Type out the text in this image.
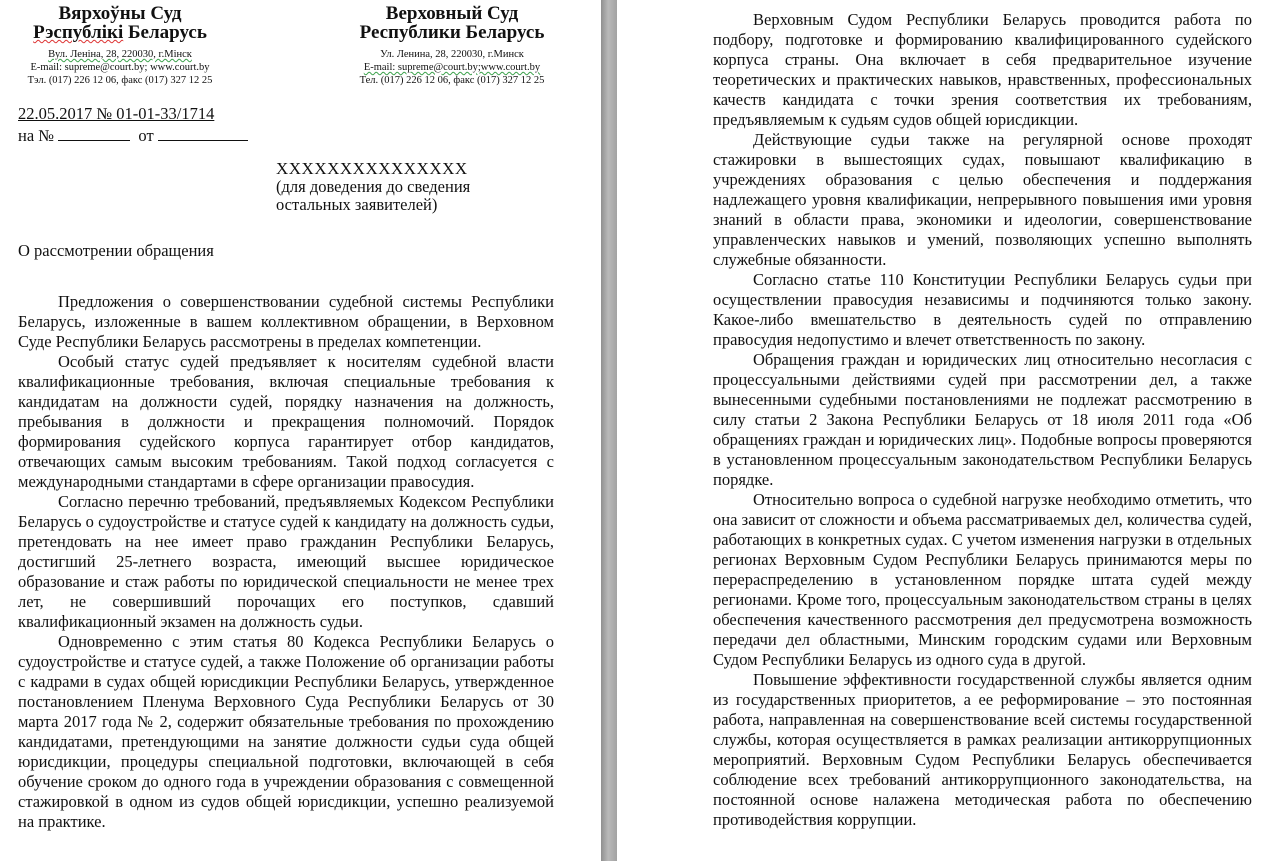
Вярхоўны Суд
Рэспублікі Беларусь
Вул. Леніна, 28, 220030, г.Мінск
E-mail: supreme@court.by; www.court.by
Тэл. (017) 226 12 06, факс (017) 327 12 25
Верховный Суд
Республики Беларусь
Ул. Ленина, 28, 220030, г.Минск
E-mail: supreme@court.by;www.court.by
Тел. (017) 226 12 06, факс (017) 327 12 25
22.05.2017 № 01-01-33/1714
на №	от
XXXXXXXXXXXXXXX
(для доведения до сведения
остальных заявителей)
О рассмотрении обращения

Предложения о совершенствовании судебной системы Республики Беларусь, изложенные в вашем коллективном обращении, в Верховном Суде Республики Беларусь рассмотрены в пределах компетенции.

Особый статус судей предъявляет к носителям судебной власти квалификационные требования, включая специальные требования к кандидатам на должности судей, порядку назначения на должность, пребывания в должности и прекращения полномочий. Порядок формирования судейского корпуса гарантирует отбор кандидатов, отвечающих самым высоким требованиям. Такой подход согласуется с международными стандартами в сфере организации правосудия.

Согласно перечню требований, предъявляемых Кодексом Республики Беларусь о судоустройстве и статусе судей к кандидату на должность судьи, претендовать на нее имеет право гражданин Республики Беларусь, достигший 25-летнего возраста, имеющий высшее юридическое образование и стаж работы по юридической специальности не менее трех лет, не совершивший порочащих его поступков, сдавший квалификационный экзамен на должность судьи.

Одновременно с этим статья 80 Кодекса Республики Беларусь о судоустройстве и статусе судей, а также Положение об организации работы с кадрами в судах общей юрисдикции Республики Беларусь, утвержденное постановлением Пленума Верховного Суда Республики Беларусь от 30 марта 2017 года № 2, содержит обязательные требования по прохождению кандидатами, претендующими на занятие должности судьи суда общей юрисдикции, процедуры специальной подготовки, включающей в себя обучение сроком до одного года в учреждении образования с совмещенной стажировкой в одном из судов общей юрисдикции, успешно реализуемой на практике.

Верховным Судом Республики Беларусь проводится работа по подбору, подготовке и формированию квалифицированного судейского корпуса страны. Она включает в себя предварительное изучение теоретических и практических навыков, нравственных, профессиональных качеств кандидата с точки зрения соответствия их требованиям, предъявляемым к судьям судов общей юрисдикции.

Действующие судьи также на регулярной основе проходят стажировки в вышестоящих судах, повышают квалификацию в учреждениях образования с целью обеспечения и поддержания надлежащего уровня квалификации, непрерывного повышения ими уровня знаний в области права, экономики и идеологии, совершенствование управленческих навыков и умений, позволяющих успешно выполнять служебные обязанности.

Согласно статье 110 Конституции Республики Беларусь судьи при осуществлении правосудия независимы и подчиняются только закону. Какое-либо вмешательство в деятельность судей по отправлению правосудия недопустимо и влечет ответственность по закону.

Обращения граждан и юридических лиц относительно несогласия с процессуальными действиями судей при рассмотрении дел, а также вынесенными судебными постановлениями не подлежат рассмотрению в силу статьи 2 Закона Республики Беларусь от 18 июля 2011 года «Об обращениях граждан и юридических лиц». Подобные вопросы проверяются в установленном процессуальным законодательством Республики Беларусь порядке.

Относительно вопроса о судебной нагрузке необходимо отметить, что она зависит от сложности и объема рассматриваемых дел, количества судей, работающих в конкретных судах. С учетом изменения нагрузки в отдельных регионах Верховным Судом Республики Беларусь принимаются меры по перераспределению в установленном порядке штата судей между регионами. Кроме того, процессуальным законодательством страны в целях обеспечения качественного рассмотрения дел предусмотрена возможность передачи дел областными, Минским городским судами или Верховным Судом Республики Беларусь из одного суда в другой.

Повышение эффективности государственной службы является одним из государственных приоритетов, а ее реформирование – это постоянная работа, направленная на совершенствование всей системы государственной службы, которая осуществляется в рамках реализации антикоррупционных мероприятий. Верховным Судом Республики Беларусь обеспечивается соблюдение всех требований антикоррупционного законодательства, на постоянной основе налажена методическая работа по обеспечению противодействия коррупции.
